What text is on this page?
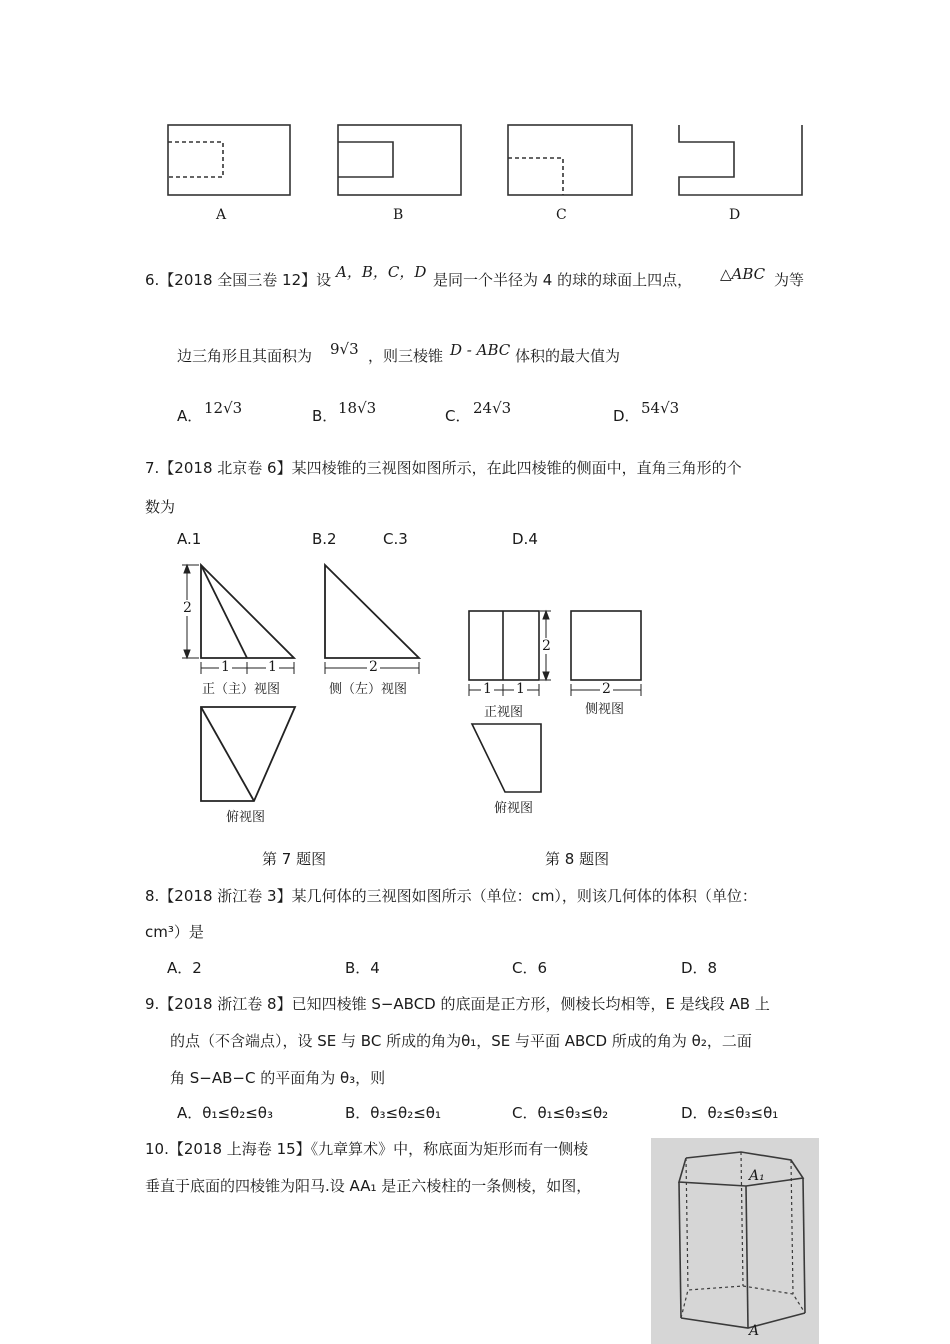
A	B	C	D
6.【2018 全国三卷 12】设 A，B，C，D 是同一个半径为 4 的球的球面上四点， △ABC 为等
边三角形且其面积为 9√3 ，则三棱锥 D - ABC 体积的最大值为
A． 12√3	B． 18√3	C． 24√3	D． 54√3
7.【2018 北京卷 6】某四棱锥的三视图如图所示，在此四棱锥的侧面中，直角三角形的个
数为
A.1	B.2	C.3	D.4
2
1	1	2
正（主）视图	侧（左）视图
俯视图
第 7 题图
2
1 1	2
正视图	侧视图
俯视图
第 8 题图
8.【2018 浙江卷 3】某几何体的三视图如图所示（单位：cm），则该几何体的体积（单位：
cm³）是
A．2	B．4	C．6	D．8
9.【2018 浙江卷 8】已知四棱锥 S−ABCD 的底面是正方形，侧棱长均相等，E 是线段 AB 上
的点（不含端点），设 SE 与 BC 所成的角为θ₁，SE 与平面 ABCD 所成的角为 θ₂，二面
角 S−AB−C 的平面角为 θ₃，则
A．θ₁≤θ₂≤θ₃	B．θ₃≤θ₂≤θ₁	C．θ₁≤θ₃≤θ₂	D．θ₂≤θ₃≤θ₁
10.【2018 上海卷 15】《九章算术》中，称底面为矩形而有一侧棱
垂直于底面的四棱锥为阳马.设 AA₁ 是正六棱柱的一条侧棱，如图，
A₁
A
